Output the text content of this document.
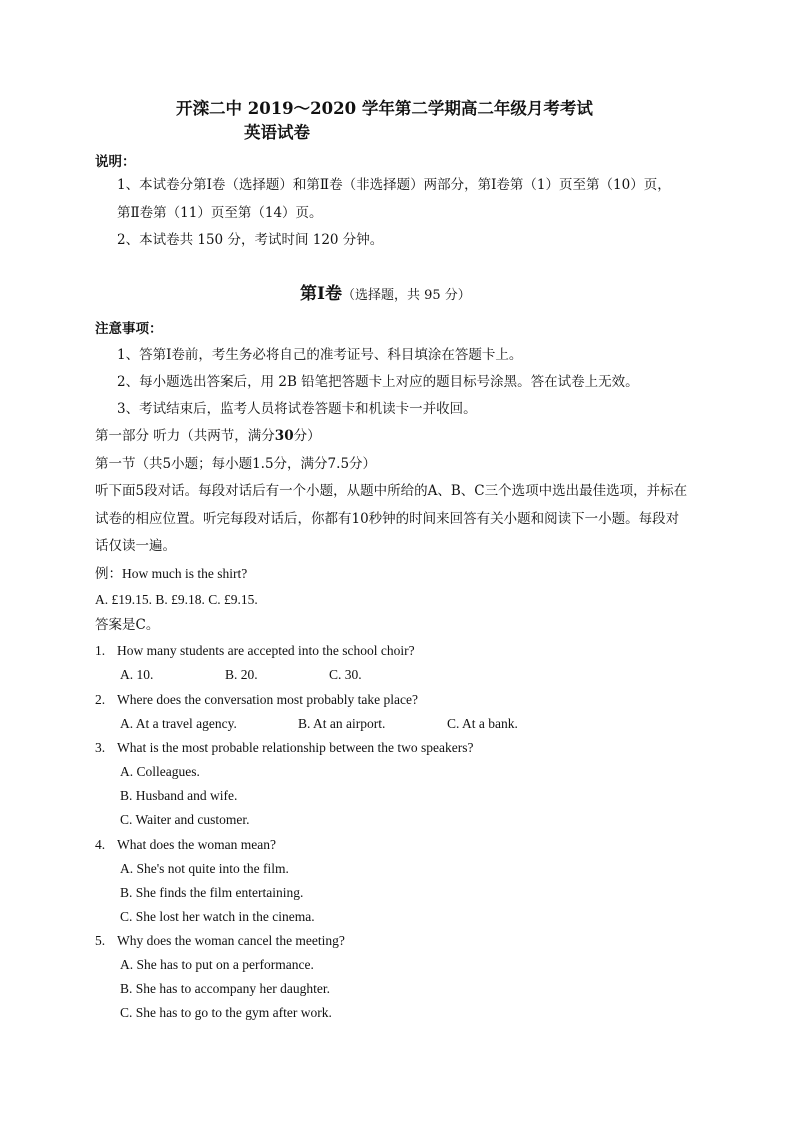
开滦二中 2019～2020 学年第二学期高二年级月考考试
英语试卷
说明：
1、本试卷分第Ⅰ卷（选择题）和第Ⅱ卷（非选择题）两部分，第Ⅰ卷第（1）页至第（10）页，
第Ⅱ卷第（11）页至第（14）页。
2、本试卷共 150 分，考试时间 120 分钟。
第Ⅰ卷（选择题，共 95 分）
注意事项：
1、答第Ⅰ卷前，考生务必将自己的准考证号、科目填涂在答题卡上。
2、每小题选出答案后，用 2B 铅笔把答题卡上对应的题目标号涂黑。答在试卷上无效。
3、考试结束后，监考人员将试卷答题卡和机读卡一并收回。
第一部分 听力（共两节，满分30分）
第一节（共5小题；每小题1.5分，满分7.5分）
听下面5段对话。每段对话后有一个小题，从题中所给的A、B、C三个选项中选出最佳选项，并标在
试卷的相应位置。听完每段对话后，你都有10秒钟的时间来回答有关小题和阅读下一小题。每段对
话仅读一遍。
例：How much is the shirt?
A. £19.15. B. £9.18. C. £9.15.
答案是C。
1. How many students are accepted into the school choir?
A. 10.	B. 20.	C. 30.
2. Where does the conversation most probably take place?
A. At a travel agency.	B. At an airport.	C. At a bank.
3. What is the most probable relationship between the two speakers?
A. Colleagues.
B. Husband and wife.
C. Waiter and customer.
4. What does the woman mean?
A. She's not quite into the film.
B. She finds the film entertaining.
C. She lost her watch in the cinema.
5. Why does the woman cancel the meeting?
A. She has to put on a performance.
B. She has to accompany her daughter.
C. She has to go to the gym after work.
